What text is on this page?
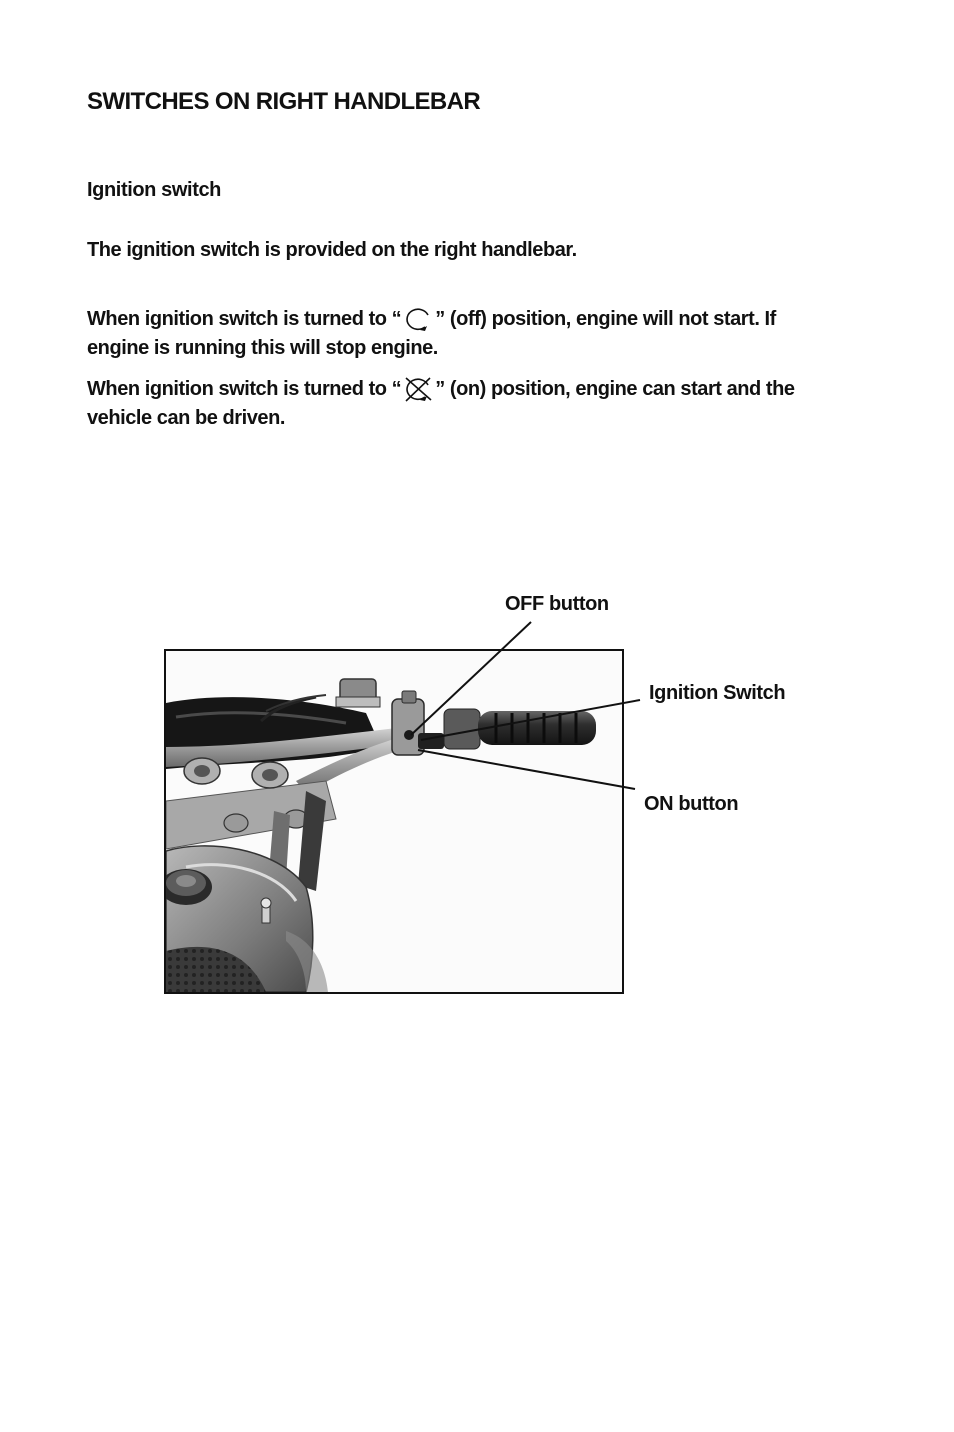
SWITCHES ON RIGHT HANDLEBAR
Ignition switch
The ignition switch is provided on the right handlebar.
When ignition switch is turned to “ ” (off) position, engine will not start. If
engine is running this will stop engine.
When ignition switch is turned to “ ” (on) position, engine can start and the
vehicle can be driven.
OFF button
Ignition Switch
ON button
